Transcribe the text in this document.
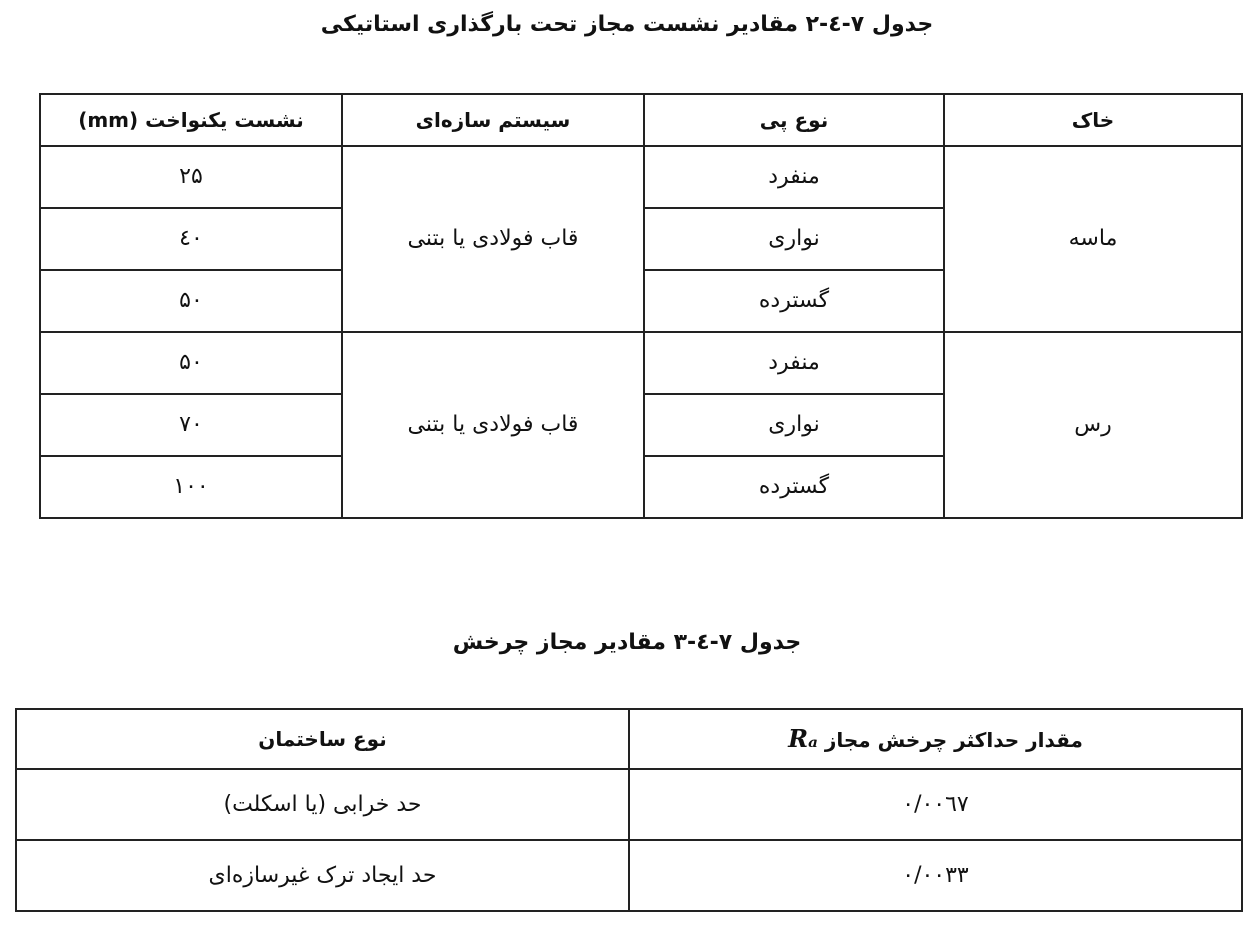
جدول ۷-٤-۲ مقادیر نشست مجاز تحت بارگذاری استاتیکی
نشست یکنواخت (mm)	سیستم سازه‌ای	نوع پی	خاک
۲۵	قاب فولادی یا بتنی	منفرد	ماسه
٤۰		نواری	
۵۰		گسترده	
۵۰	قاب فولادی یا بتنی	منفرد	رس
۷۰		نواری	
۱۰۰		گسترده	
جدول ۷-٤-۳ مقادیر مجاز چرخش
نوع ساختمان	مقدار حداکثر چرخش مجاز Rₐ
حد خرابی (یا اسکلت)	۰/۰۰٦۷
حد ایجاد ترک غیرسازه‌ای	۰/۰۰۳۳
